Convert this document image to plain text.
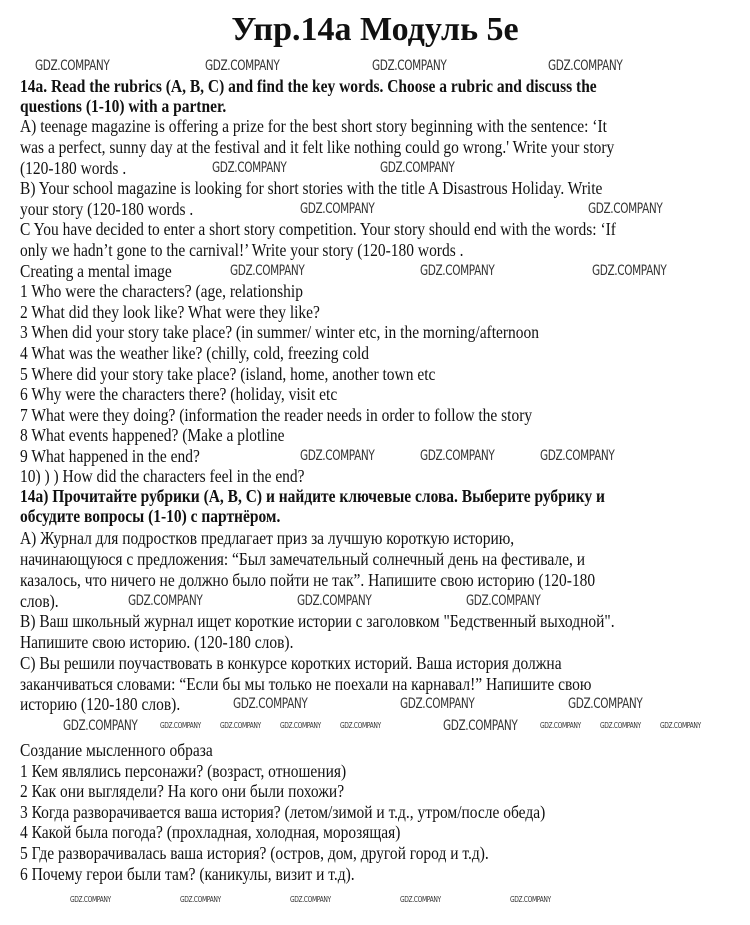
Упр.14а Модуль 5е
14a. Read the rubrics (A, B, C) and find the key words. Choose a rubric and discuss the
questions (1-10) with a partner.
A) teenage magazine is offering a prize for the best short story beginning with the sentence: ‘It
was a perfect, sunny day at the festival and it felt like nothing could go wrong.' Write your story
(120-180 words .
B) Your school magazine is looking for short stories with the title A Disastrous Holiday. Write
your story (120-180 words .
C You have decided to enter a short story competition. Your story should end with the words: ‘If
only we hadn’t gone to the carnival!’ Write your story (120-180 words .
Creating a mental image
1 Who were the characters? (age, relationship
2 What did they look like? What were they like?
3 When did your story take place? (in summer/ winter etc, in the morning/afternoon
4 What was the weather like? (chilly, cold, freezing cold
5 Where did your story take place? (island, home, another town etc
6 Why were the characters there? (holiday, visit etc
7 What were they doing? (information the reader needs in order to follow the story
8 What events happened? (Make a plotline
9 What happened in the end?
10) ) ) How did the characters feel in the end?
14а) Прочитайте рубрики (А, В, С) и найдите ключевые слова. Выберите рубрику и
обсудите вопросы (1-10) с партнёром.
А) Журнал для подростков предлагает приз за лучшую короткую историю,
начинающуюся с предложения: “Был замечательный солнечный день на фестивале, и
казалось, что ничего не должно было пойти не так”. Напишите свою историю (120-180
слов).
В) Ваш школьный журнал ищет короткие истории с заголовком "Бедственный выходной".
Напишите свою историю. (120-180 слов).
С) Вы решили поучаствовать в конкурсе коротких историй. Ваша история должна
заканчиваться словами: “Если бы мы только не поехали на карнавал!” Напишите свою
историю (120-180 слов).
Создание мысленного образа
1 Кем являлись персонажи? (возраст, отношения)
2 Как они выглядели? На кого они были похожи?
3 Когда разворачивается ваша история? (летом/зимой и т.д., утром/после обеда)
4 Какой была погода? (прохладная, холодная, морозящая)
5 Где разворачивалась ваша история? (остров, дом, другой город и т.д).
6 Почему герои были там? (каникулы, визит и т.д).
GDZ.COMPANY	GDZ.COMPANY	GDZ.COMPANY	GDZ.COMPANY
GDZ.COMPANY	GDZ.COMPANY
GDZ.COMPANY	GDZ.COMPANY
GDZ.COMPANY	GDZ.COMPANY	GDZ.COMPANY
GDZ.COMPANY	GDZ.COMPANY	GDZ.COMPANY
GDZ.COMPANY	GDZ.COMPANY	GDZ.COMPANY
GDZ.COMPANY	GDZ.COMPANY	GDZ.COMPANY
GDZ.COMPANY	GDZ.COMPANY
GDZ.COMPANY GDZ.COMPANY GDZ.COMPANY GDZ.COMPANY	GDZ.COMPANY GDZ.COMPANY GDZ.COMPANY
GDZ.COMPANY	GDZ.COMPANY	GDZ.COMPANY	GDZ.COMPANY	GDZ.COMPANY
